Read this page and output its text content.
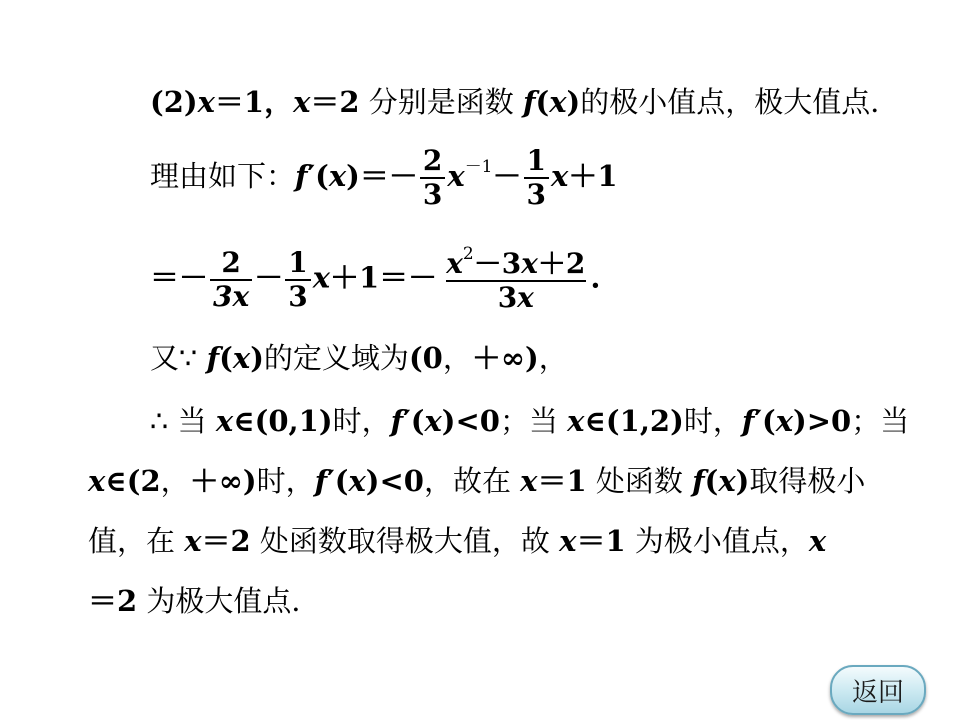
(2)x＝1，x＝2 分别是函数 f(x)的极小值点，极大值点．
理由如下：$f'(x)=- \frac{2}{3} x^{-1}- \frac{1}{3} x+1$
＝－ $\frac{2}{3x} - \frac{1}{3} x+1=- \frac{x^2-3x+2}{3x}$ .
又∵ f(x)的定义域为(0，＋∞)，
∴ 当 x∈(0,1)时，f′(x)<0；当 x∈(1,2)时，f′(x)>0；当
x∈(2，＋∞)时，f′(x)<0，故在 x＝1 处函数 f(x)取得极小
值，在 x＝2 处函数取得极大值，故 x＝1 为极小值点，x
＝2 为极大值点．
返回
